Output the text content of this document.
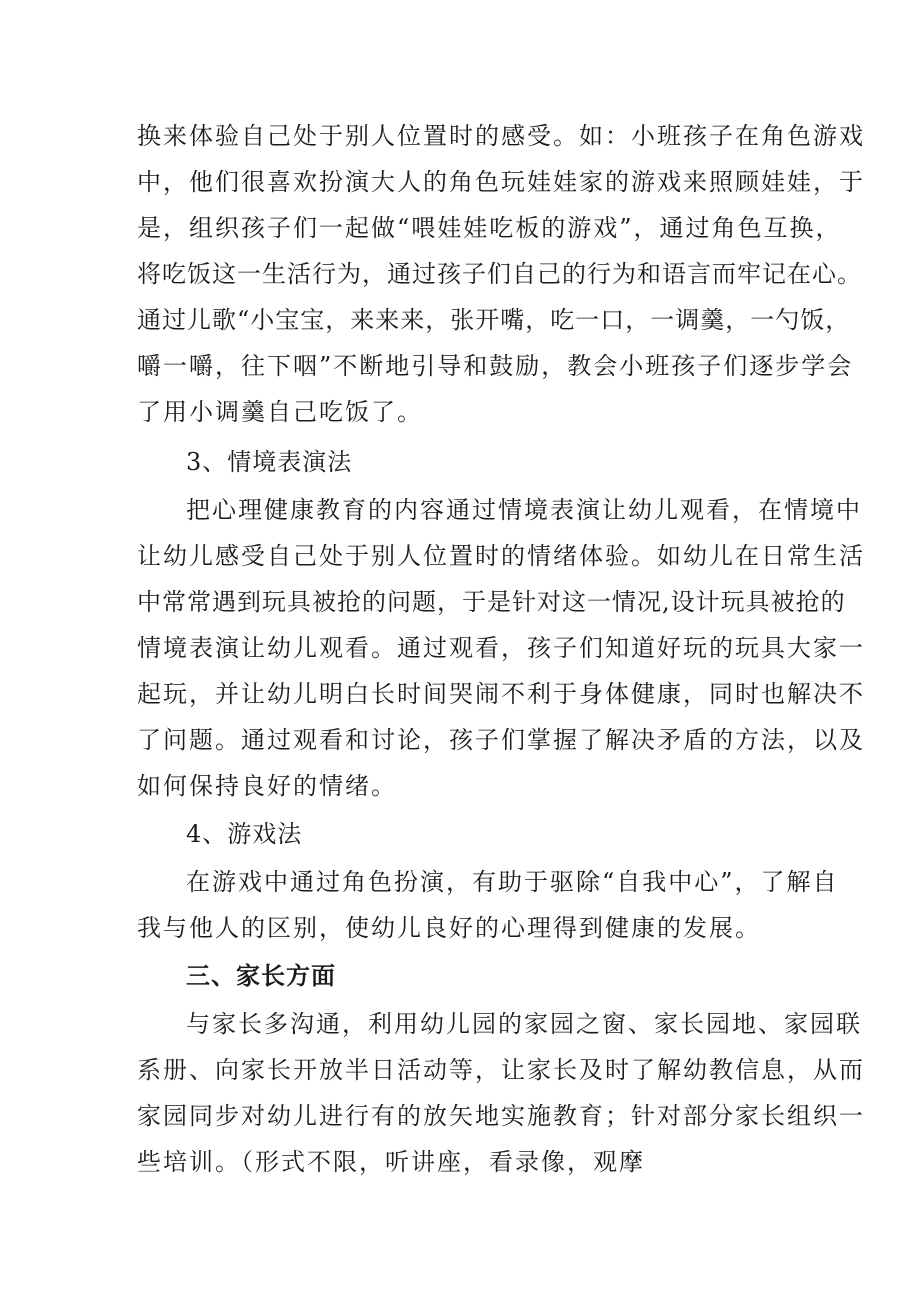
换来体验自己处于别人位置时的感受。如：小班孩子在角色游戏
中，他们很喜欢扮演大人的角色玩娃娃家的游戏来照顾娃娃，于
是，组织孩子们一起做“喂娃娃吃板的游戏”，通过角色互换，
将吃饭这一生活行为，通过孩子们自己的行为和语言而牢记在心。
通过儿歌“小宝宝，来来来，张开嘴，吃一口，一调羹，一勺饭，
嚼一嚼，往下咽”不断地引导和鼓励，教会小班孩子们逐步学会
了用小调羹自己吃饭了。
3、情境表演法
把心理健康教育的内容通过情境表演让幼儿观看，在情境中
让幼儿感受自己处于别人位置时的情绪体验。如幼儿在日常生活
中常常遇到玩具被抢的问题，于是针对这一情况,设计玩具被抢的
情境表演让幼儿观看。通过观看，孩子们知道好玩的玩具大家一
起玩，并让幼儿明白长时间哭闹不利于身体健康，同时也解决不
了问题。通过观看和讨论，孩子们掌握了解决矛盾的方法，以及
如何保持良好的情绪。
4、游戏法
在游戏中通过角色扮演，有助于驱除“自我中心”，了解自
我与他人的区别，使幼儿良好的心理得到健康的发展。
三、家长方面
与家长多沟通，利用幼儿园的家园之窗、家长园地、家园联
系册、向家长开放半日活动等，让家长及时了解幼教信息，从而
家园同步对幼儿进行有的放矢地实施教育；针对部分家长组织一
些培训。（形式不限，听讲座，看录像，观摩
